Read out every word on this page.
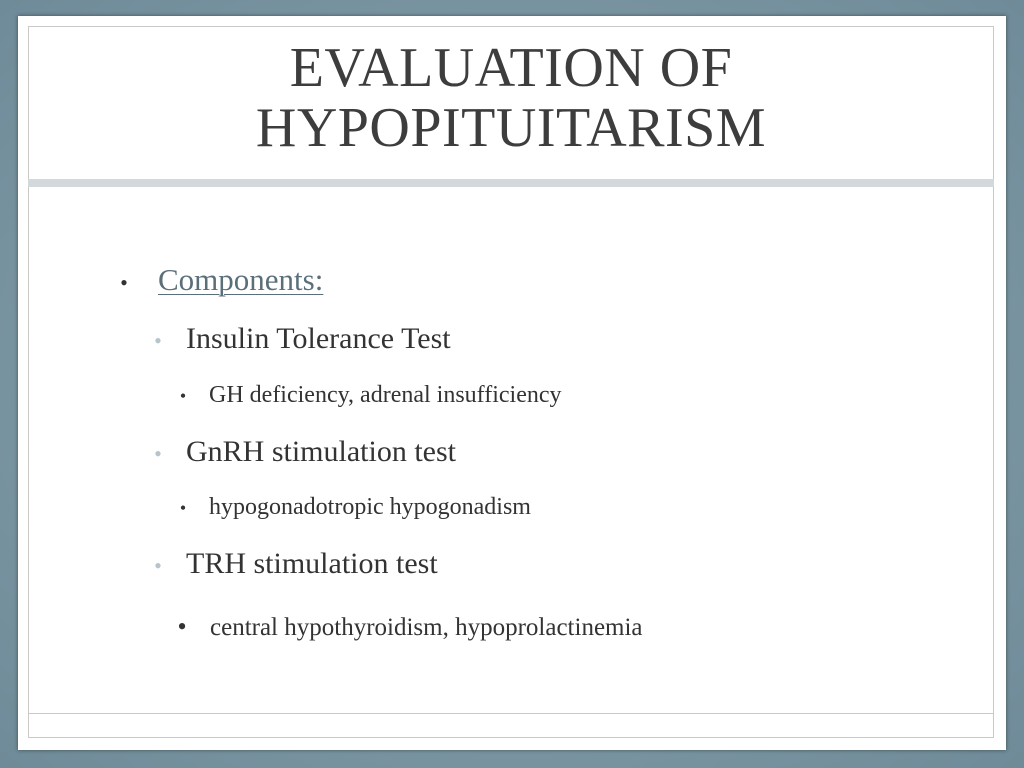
EVALUATION OF
HYPOPITUITARISM
• Components:
• Insulin Tolerance Test
• GH deficiency, adrenal insufficiency
• GnRH stimulation test
• hypogonadotropic hypogonadism
• TRH stimulation test
• central hypothyroidism, hypoprolactinemia
